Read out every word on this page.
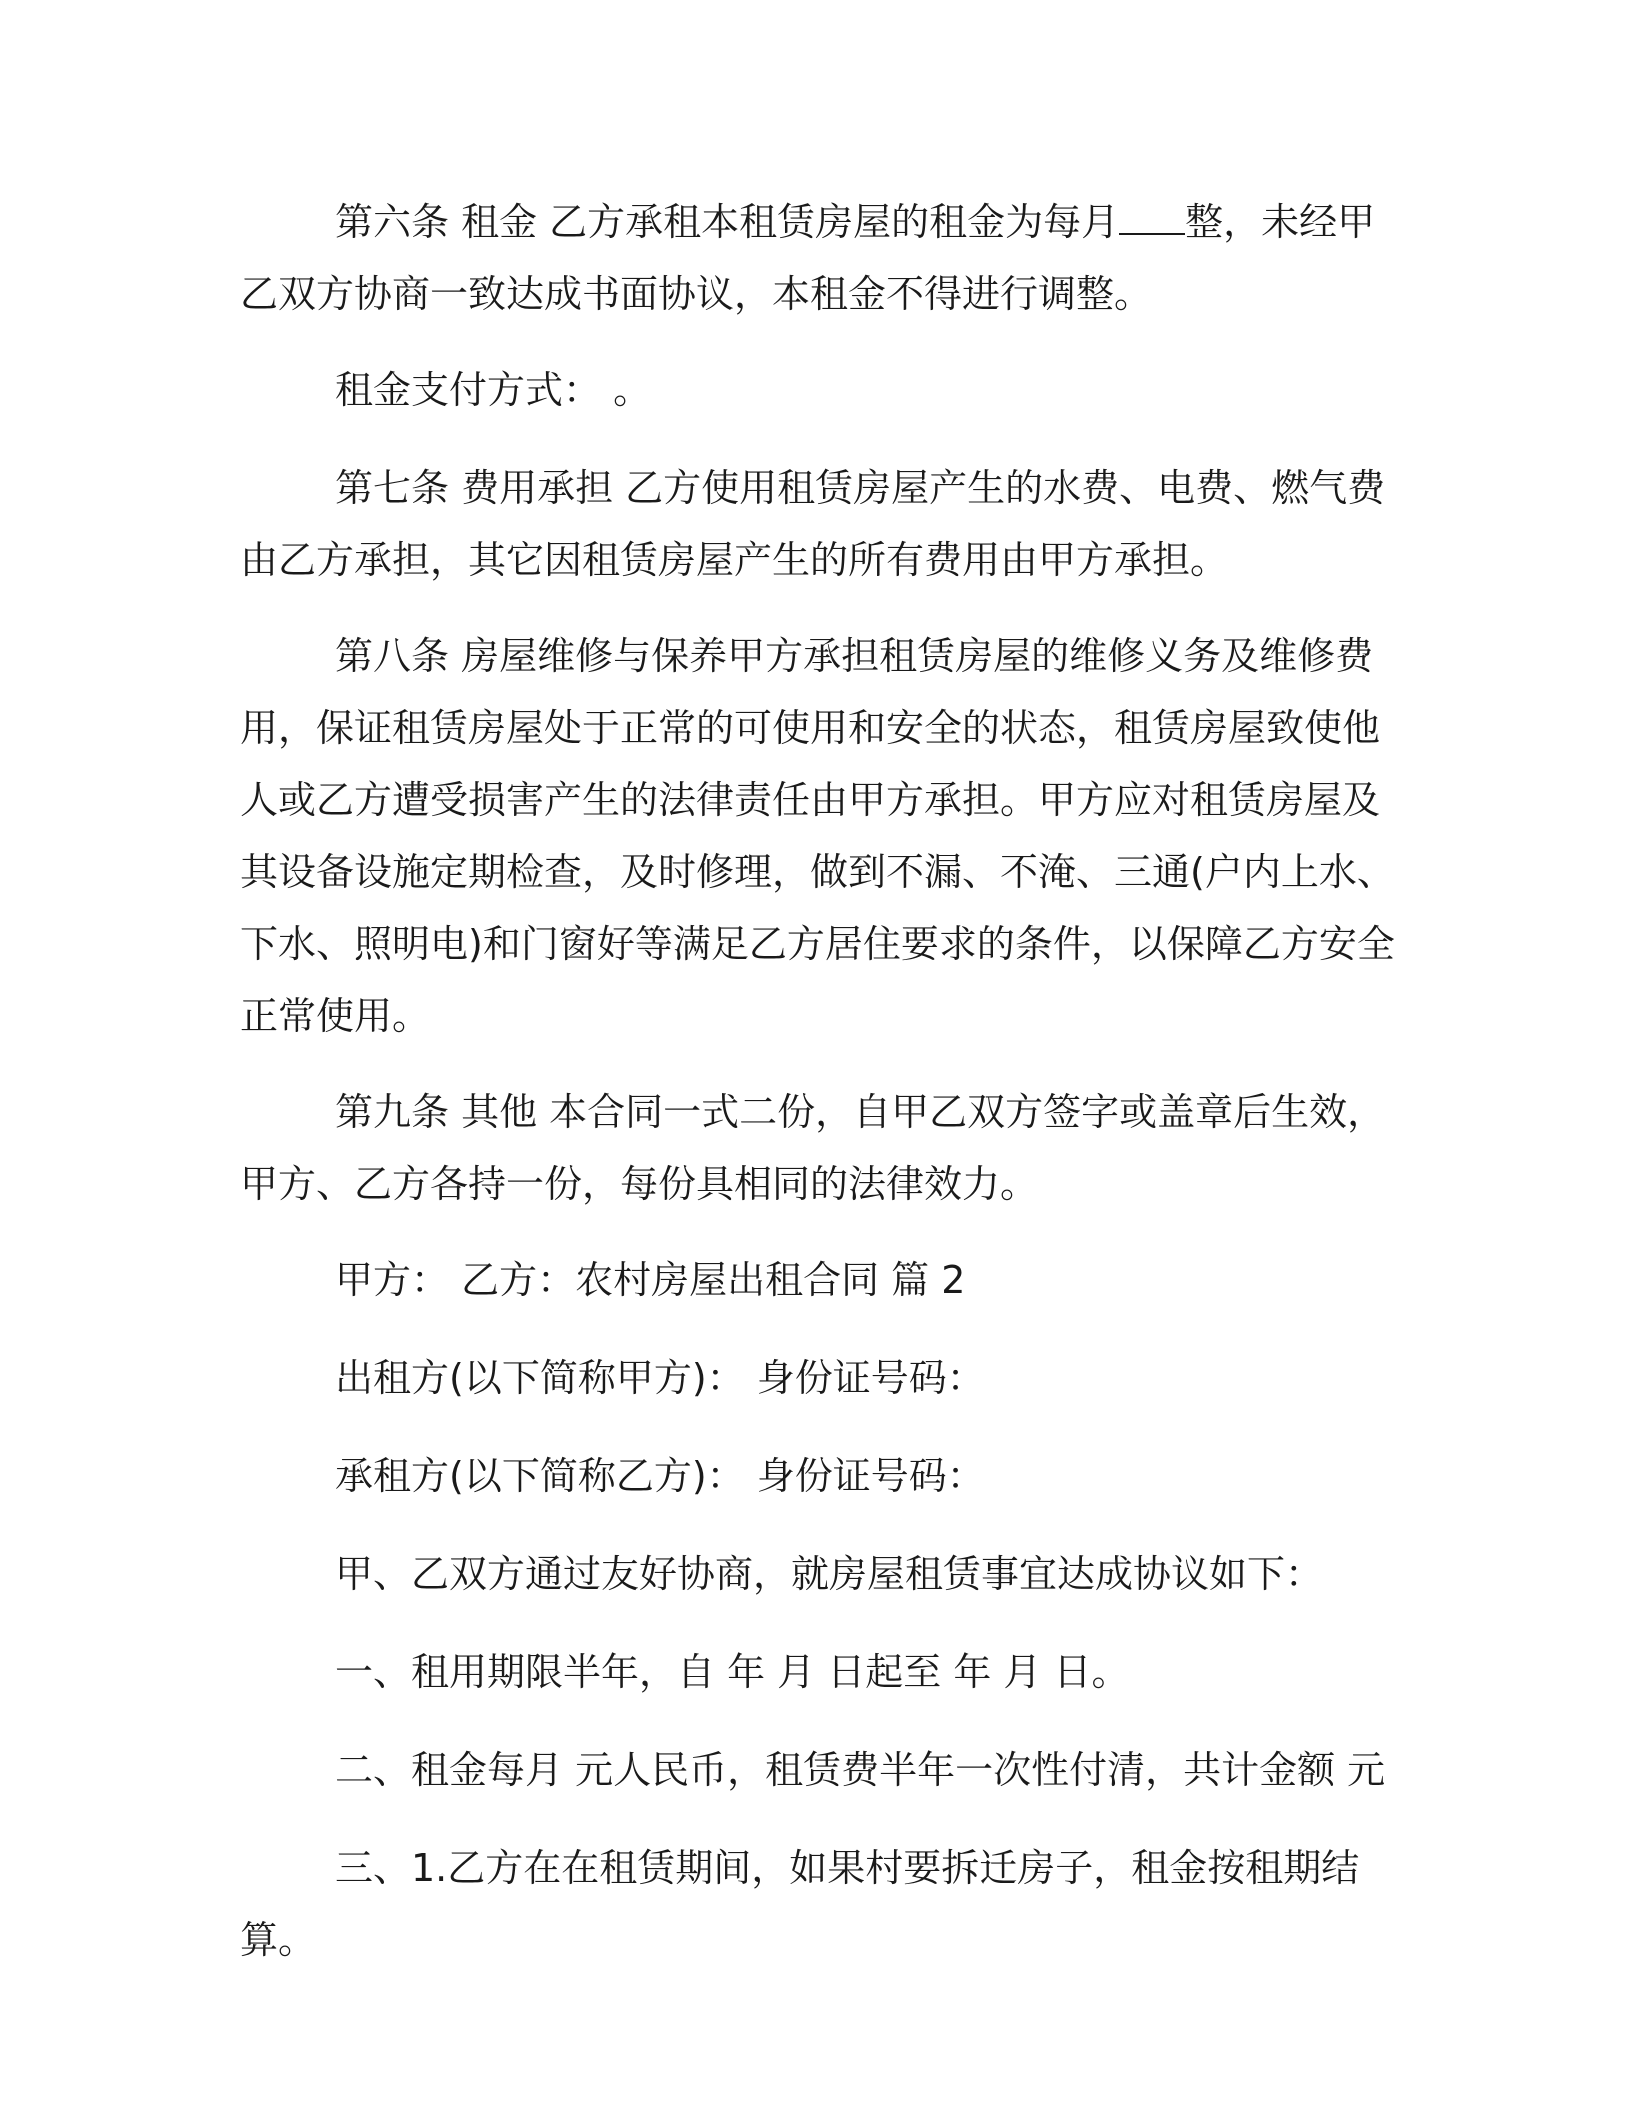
第六条 租金 乙方承租本租赁房屋的租金为每月 整，未经甲乙双方协商一致达成书面协议，本租金不得进行调整。

租金支付方式： 。

第七条 费用承担 乙方使用租赁房屋产生的水费、电费、燃气费由乙方承担，其它因租赁房屋产生的所有费用由甲方承担。

第八条 房屋维修与保养甲方承担租赁房屋的维修义务及维修费用，保证租赁房屋处于正常的可使用和安全的状态，租赁房屋致使他人或乙方遭受损害产生的法律责任由甲方承担。甲方应对租赁房屋及其设备设施定期检查，及时修理，做到不漏、不淹、三通(户内上水、下水、照明电)和门窗好等满足乙方居住要求的条件，以保障乙方安全正常使用。

第九条 其他 本合同一式二份，自甲乙双方签字或盖章后生效，甲方、乙方各持一份，每份具相同的法律效力。

甲方： 乙方：农村房屋出租合同 篇 2

出租方(以下简称甲方)： 身份证号码：

承租方(以下简称乙方)： 身份证号码：

甲、乙双方通过友好协商，就房屋租赁事宜达成协议如下：

一、租用期限半年，自 年 月 日起至 年 月 日。

二、租金每月 元人民币，租赁费半年一次性付清，共计金额 元

三、1.乙方在在租赁期间，如果村要拆迁房子，租金按租期结算。
